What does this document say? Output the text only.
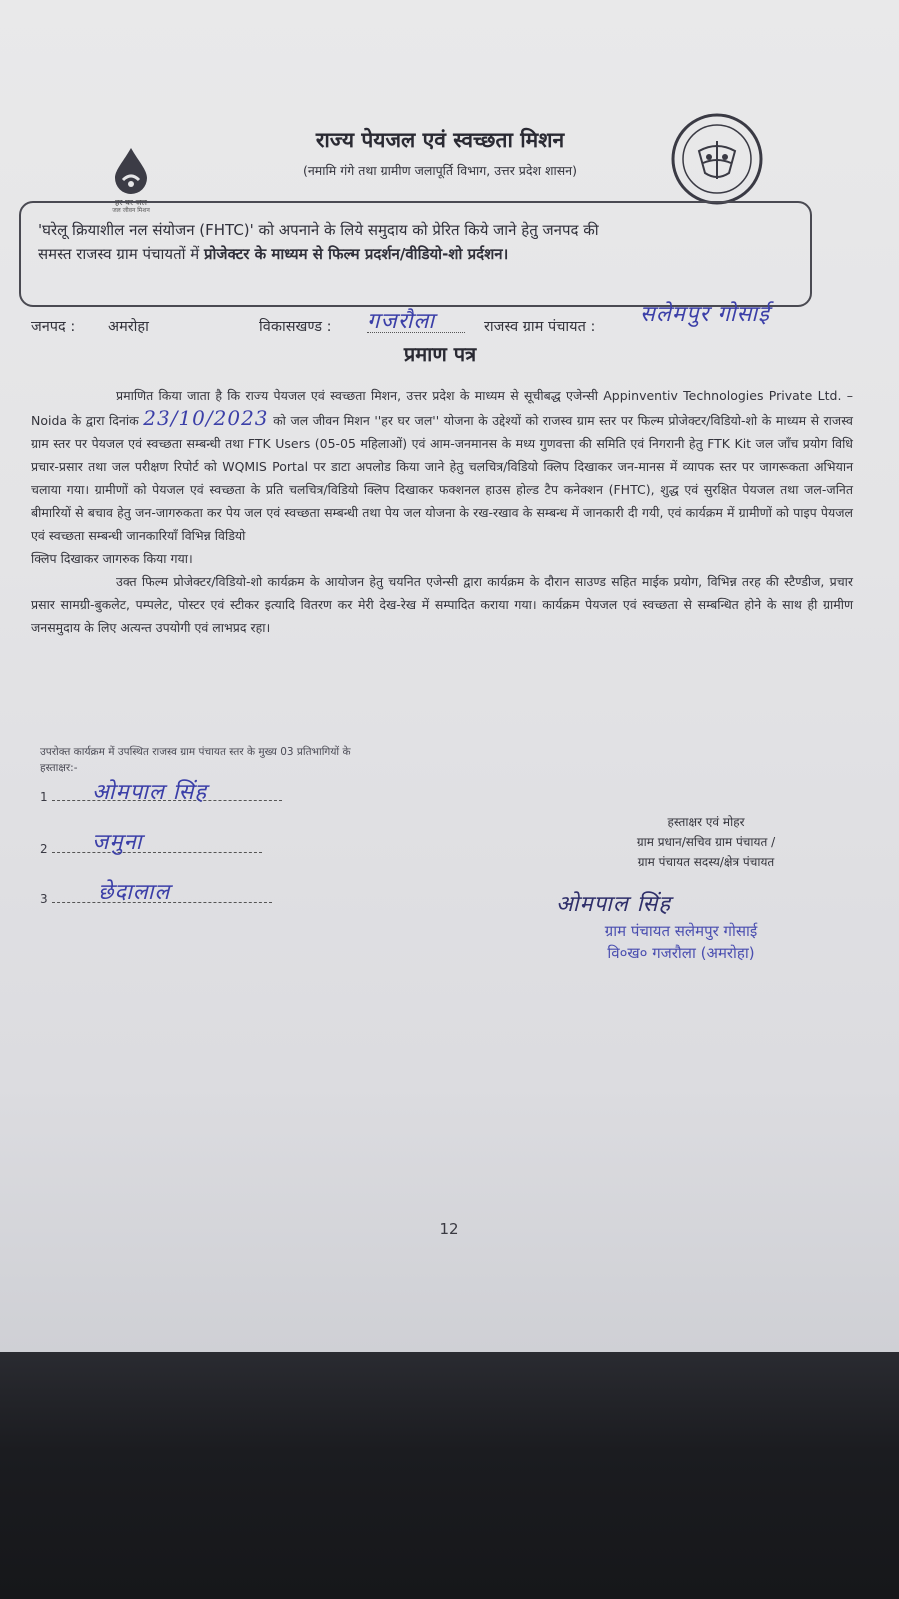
हर घर जल
जल जीवन मिशन
राज्य पेयजल एवं स्वच्छता मिशन
(नमामि गंगे तथा ग्रामीण जलापूर्ति विभाग, उत्तर प्रदेश शासन)
'घरेलू क्रियाशील नल संयोजन (FHTC)' को अपनाने के लिये समुदाय को प्रेरित किये जाने हेतु जनपद की
समस्त राजस्व ग्राम पंचायतों में प्रोजेक्टर के माध्यम से फिल्म प्रदर्शन/वीडियो-शो प्रर्दशन।
जनपद : अमरोहा	विकासखण्ड : गजरौला	राजस्व ग्राम पंचायत : सलेमपुर गोसाई
प्रमाण पत्र

प्रमाणित किया जाता है कि राज्य पेयजल एवं स्वच्छता मिशन, उत्तर प्रदेश के माध्यम से सूचीबद्ध एजेन्सी Appinventiv Technologies Private Ltd. – Noida के द्वारा दिनांक 23/10/2023 को जल जीवन मिशन ''हर घर जल'' योजना के उद्देश्यों को राजस्व ग्राम स्तर पर फिल्म प्रोजेक्टर/विडियो-शो के माध्यम से राजस्व ग्राम स्तर पर पेयजल एवं स्वच्छता सम्बन्धी तथा FTK Users (05-05 महिलाओं) एवं आम-जनमानस के मध्य गुणवत्ता की समिति एवं निगरानी हेतु FTK Kit जल जाँच प्रयोग विधि प्रचार-प्रसार तथा जल परीक्षण रिपोर्ट को WQMIS Portal पर डाटा अपलोड किया जाने हेतु चलचित्र/विडियो क्लिप दिखाकर जन-मानस में व्यापक स्तर पर जागरूकता अभियान चलाया गया। ग्रामीणों को पेयजल एवं स्वच्छता के प्रति चलचित्र/विडियो क्लिप दिखाकर फक्शनल हाउस होल्ड टैप कनेक्शन (FHTC), शुद्ध एवं सुरक्षित पेयजल तथा जल-जनित बीमारियों से बचाव हेतु जन-जागरुकता कर पेय जल एवं स्वच्छता सम्बन्धी तथा पेय जल योजना के रख-रखाव के सम्बन्ध में जानकारी दी गयी, एवं कार्यक्रम में ग्रामीणों को पाइप पेयजल एवं स्वच्छता सम्बन्धी जानकारियाँ विभिन्न विडियो

क्लिप दिखाकर जागरुक किया गया।

उक्त फिल्म प्रोजेक्टर/विडियो-शो कार्यक्रम के आयोजन हेतु चयनित एजेन्सी द्वारा कार्यक्रम के दौरान साउण्ड सहित माईक प्रयोग, विभिन्न तरह की स्टैण्डीज, प्रचार प्रसार सामग्री-बुकलेट, पम्पलेट, पोस्टर एवं स्टीकर इत्यादि वितरण कर मेरी देख-रेख में सम्पादित कराया गया। कार्यक्रम पेयजल एवं स्वच्छता से सम्बन्धित होने के साथ ही ग्रामीण जनसमुदाय के लिए अत्यन्त उपयोगी एवं लाभप्रद रहा।

उपरोक्त कार्यक्रम में उपस्थित राजस्व ग्राम पंचायत स्तर के मुख्य 03 प्रतिभागियों के
हस्ताक्षर:-
1 ओमपाल सिंह
2 जमुना
3 छेदालाल
हस्ताक्षर एवं मोहर
ग्राम प्रधान/सचिव ग्राम पंचायत /
ग्राम पंचायत सदस्य/क्षेत्र पंचायत
ओमपाल सिंह
ग्राम पंचायत सलेमपुर गोसाई
वि०ख० गजरौला (अमरोहा)
12
